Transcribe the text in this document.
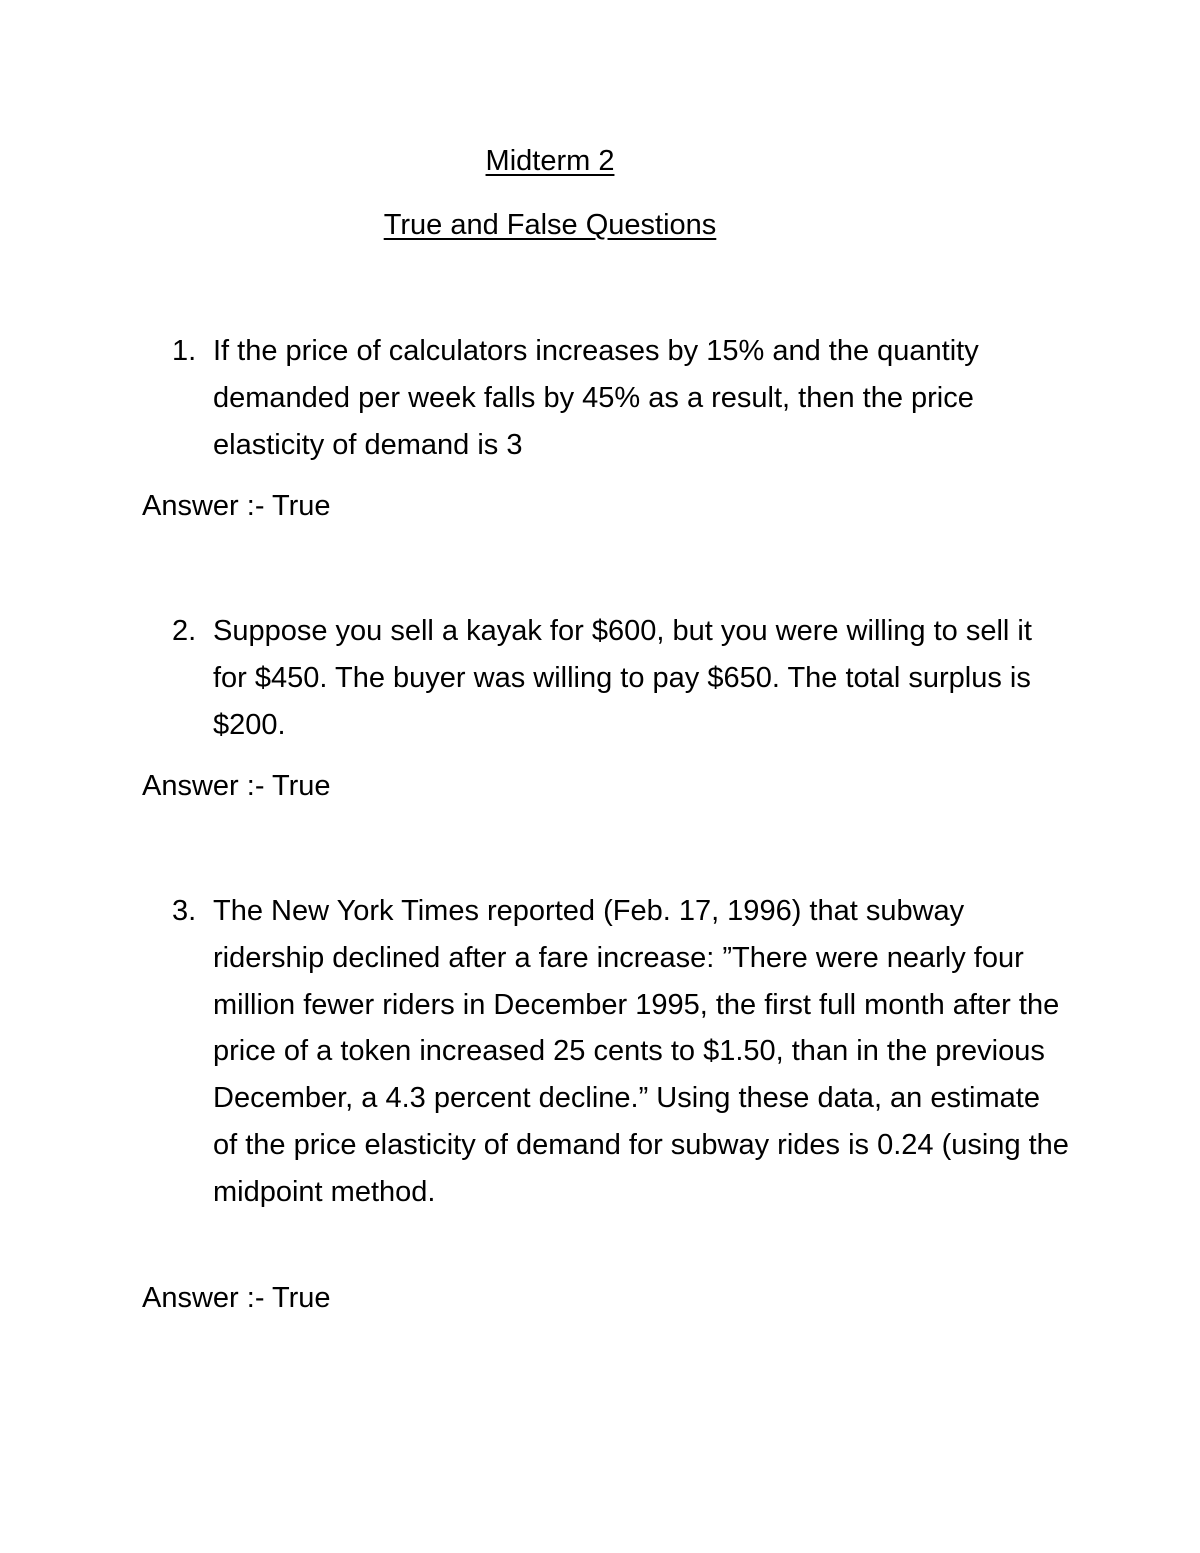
Midterm 2
True and False Questions
1. If the price of calculators increases by 15% and the quantity demanded per week falls by 45% as a result, then the price elasticity of demand is 3

Answer :- True

2. Suppose you sell a kayak for $600, but you were willing to sell it for $450. The buyer was willing to pay $650. The total surplus is $200.

Answer :- True

3. The New York Times reported (Feb. 17, 1996) that subway ridership declined after a fare increase: ”There were nearly four million fewer riders in December 1995, the first full month after the price of a token increased 25 cents to $1.50, than in the previous December, a 4.3 percent decline.” Using these data, an estimate of the price elasticity of demand for subway rides is 0.24 (using the midpoint method.

Answer :- True
